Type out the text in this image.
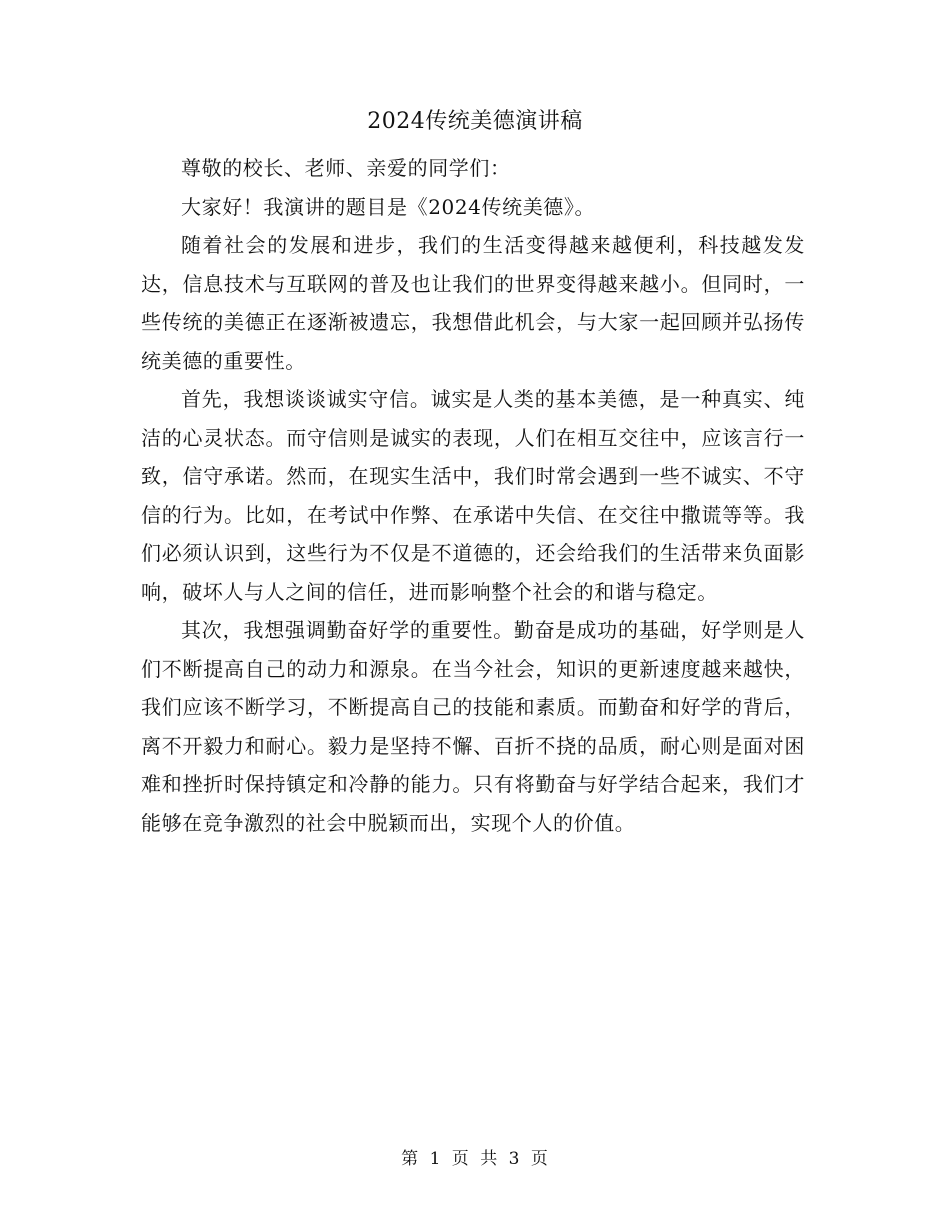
2024传统美德演讲稿

尊敬的校长、老师、亲爱的同学们：

大家好！我演讲的题目是《2024传统美德》。

随着社会的发展和进步，我们的生活变得越来越便利，科技越发发达，信息技术与互联网的普及也让我们的世界变得越来越小。但同时，一些传统的美德正在逐渐被遗忘，我想借此机会，与大家一起回顾并弘扬传统美德的重要性。

首先，我想谈谈诚实守信。诚实是人类的基本美德，是一种真实、纯洁的心灵状态。而守信则是诚实的表现，人们在相互交往中，应该言行一致，信守承诺。然而，在现实生活中，我们时常会遇到一些不诚实、不守信的行为。比如，在考试中作弊、在承诺中失信、在交往中撒谎等等。我们必须认识到，这些行为不仅是不道德的，还会给我们的生活带来负面影响，破坏人与人之间的信任，进而影响整个社会的和谐与稳定。

其次，我想强调勤奋好学的重要性。勤奋是成功的基础，好学则是人们不断提高自己的动力和源泉。在当今社会，知识的更新速度越来越快，我们应该不断学习，不断提高自己的技能和素质。而勤奋和好学的背后，离不开毅力和耐心。毅力是坚持不懈、百折不挠的品质，耐心则是面对困难和挫折时保持镇定和冷静的能力。只有将勤奋与好学结合起来，我们才能够在竞争激烈的社会中脱颖而出，实现个人的价值。

第 1 页 共 3 页
